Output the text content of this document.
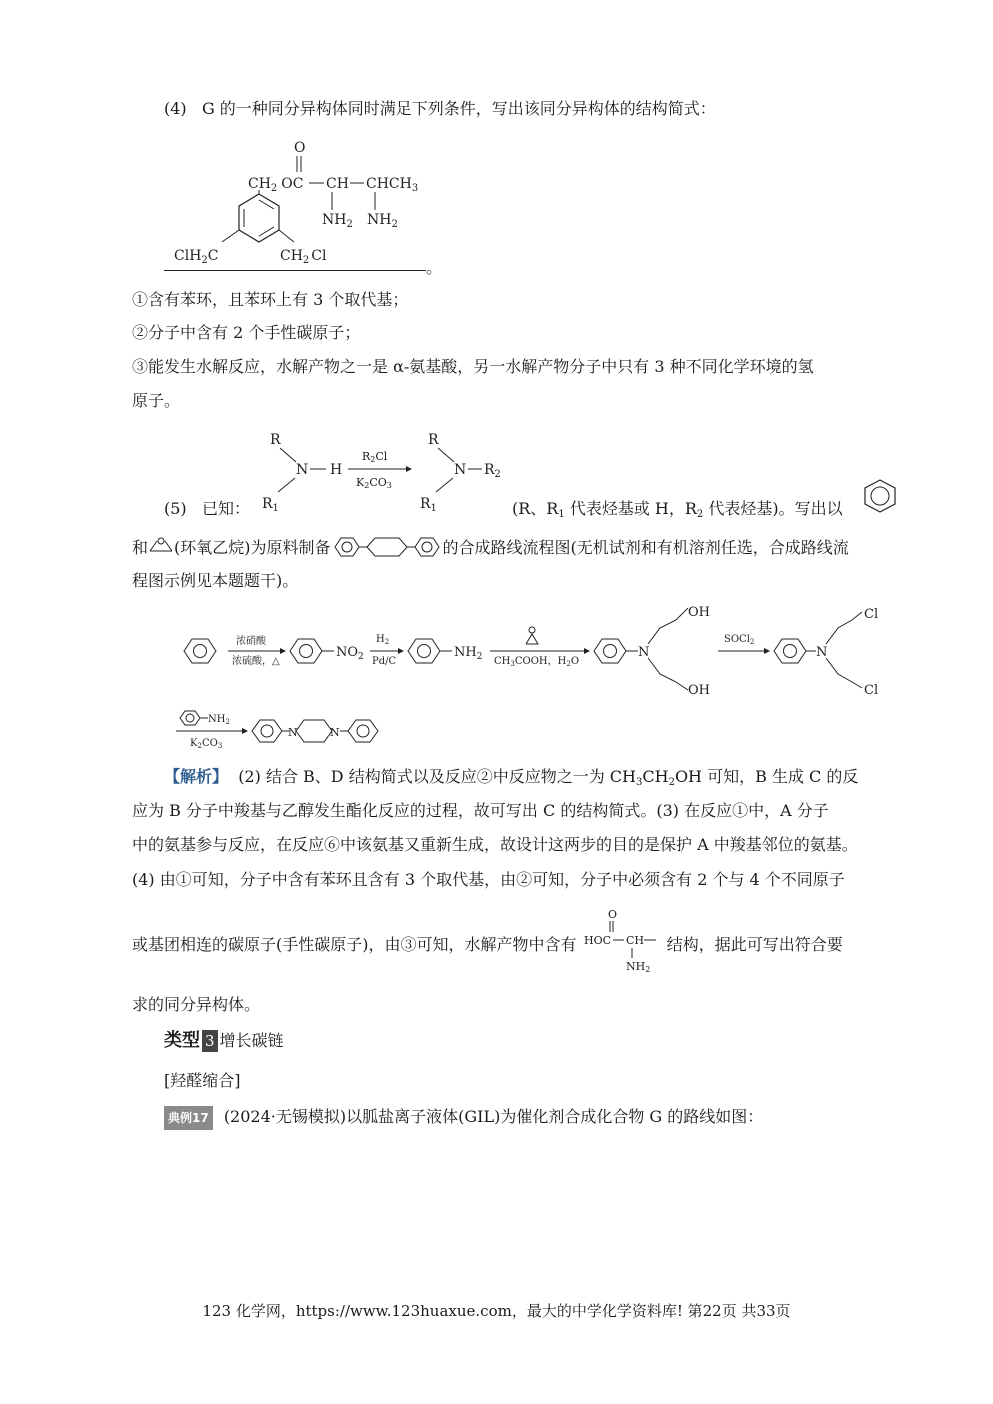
(4) G 的一种同分异构体同时满足下列条件，写出该同分异构体的结构简式：
O
$CH_2$ OC CH $CHCH_3$
$NH_2$ $NH_2$
ClH$_2$C	$CH_2$ Cl
。
①含有苯环，且苯环上有 3 个取代基；
②分子中含有 2 个手性碳原子；
③能发生水解反应，水解产物之一是 α-氨基酸，另一水解产物分子中只有 3 种不同化学环境的氢
原子。
R
N H
$R_1$
R2Cl
K2CO3
R
N $R_2$
$R_1$
(5) 已知：	(R、$R_1$ 代表烃基或 H，$R_2$ 代表烃基)。写出以
和 (环氧乙烷)为原料制备	的合成路线流程图(无机试剂和有机溶剂任选，合成路线流
程图示例见本题题干)。
浓硝酸
浓硫酸，△
$NO_2$
$H_2$
Pd/C
$NH_2$ $CH_3COOH$，$H_2O$
N
OH
OH
SOCl$_2$
N
Cl
Cl
$NH_2$
$K_2CO_3$
N	N
【解析】 (2) 结合 B、D 结构简式以及反应②中反应物之一为 $CH_3CH_2OH$ 可知，B 生成 C 的反
应为 B 分子中羧基与乙醇发生酯化反应的过程，故可写出 C 的结构简式。(3) 在反应①中，A 分子
中的氨基参与反应，在反应⑥中该氨基又重新生成，故设计这两步的目的是保护 A 中羧基邻位的氨基。
(4) 由①可知，分子中含有苯环且含有 3 个取代基，由②可知，分子中必须含有 2 个与 4 个不同原子
或基团相连的碳原子(手性碳原子)，由③可知，水解产物中含有
O
HOC CH
NH2
结构，据此可写出符合要
求的同分异构体。
类型 3 增长碳链
[羟醛缩合]
典例17 (2024·无锡模拟)以胍盐离子液体(GIL)为催化剂合成化合物 G 的路线如图：
123 化学网，https://www.123huaxue.com，最大的中学化学资料库! 第22页 共33页
